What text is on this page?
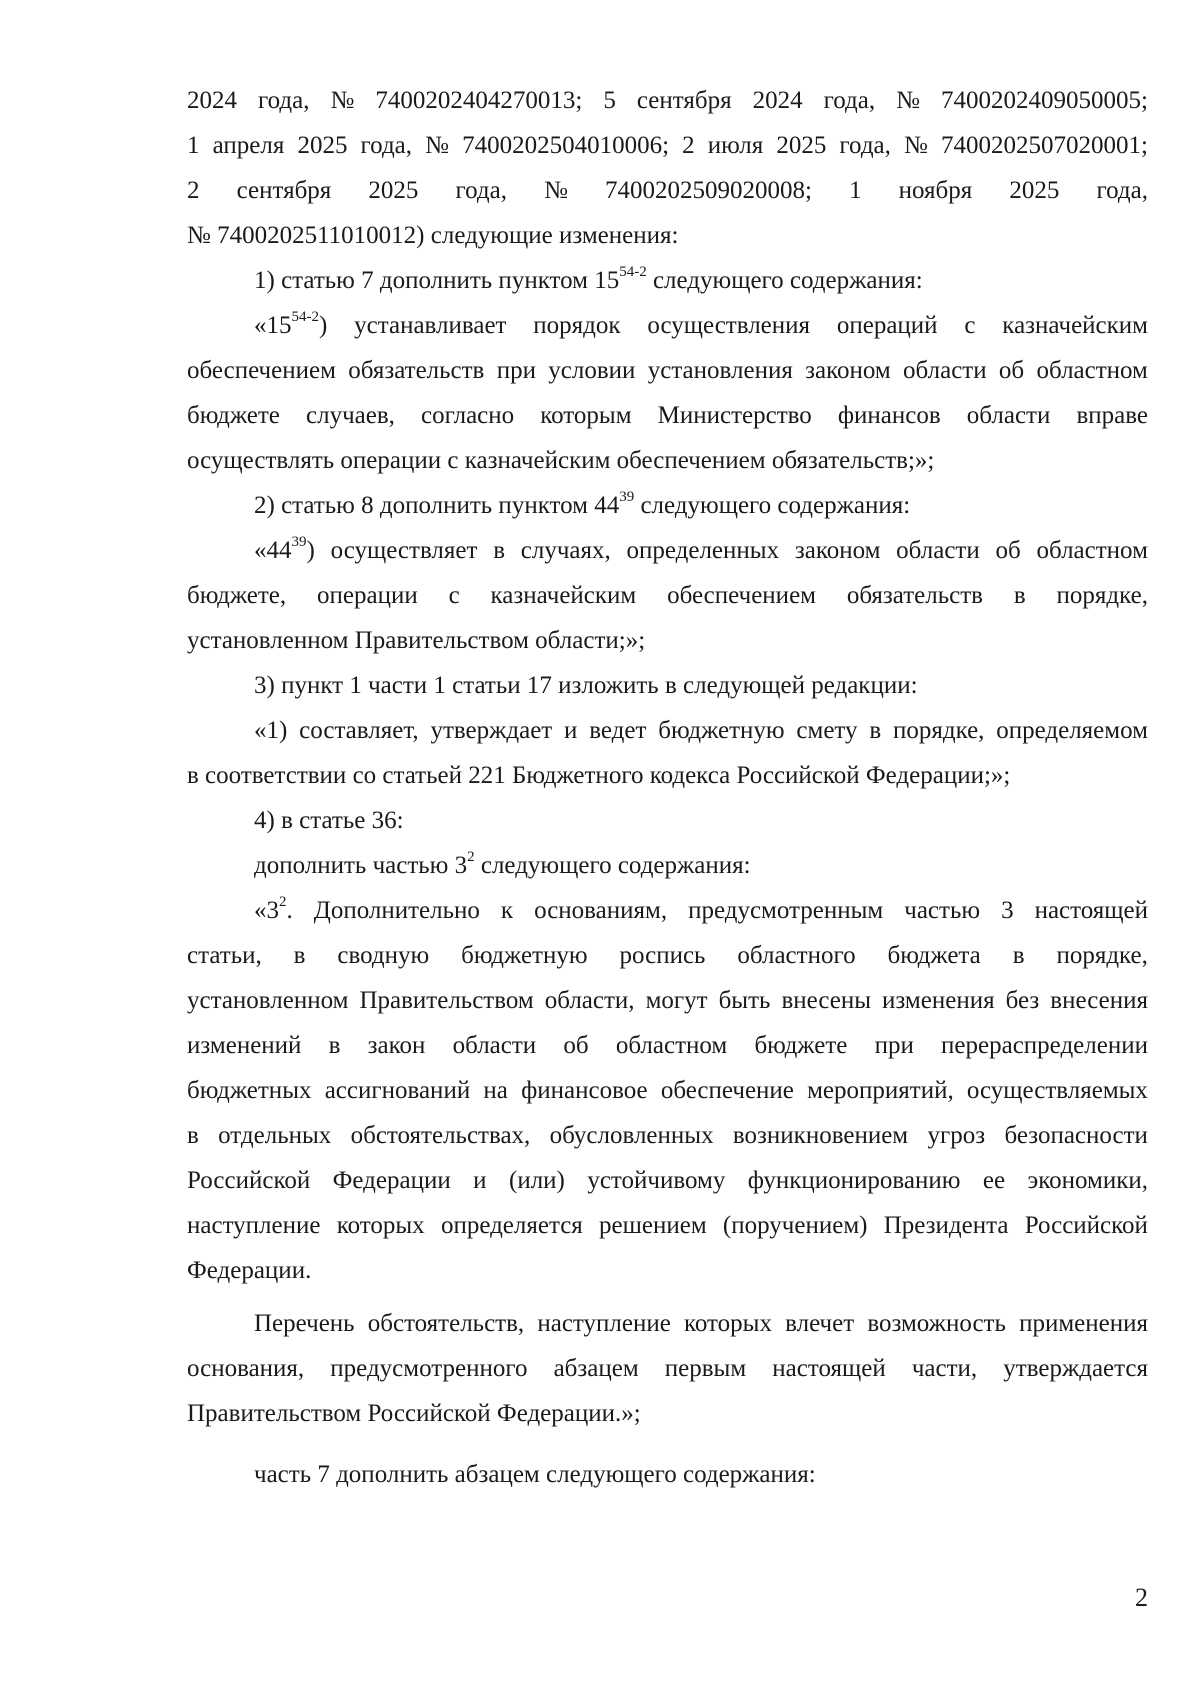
2024 года, № 7400202404270013; 5 сентября 2024 года, № 7400202409050005;
1 апреля 2025 года, № 7400202504010006; 2 июля 2025 года, № 7400202507020001;
2 сентября 2025 года, № 7400202509020008; 1 ноября 2025 года,
№ 7400202511010012) следующие изменения:
1) статью 7 дополнить пунктом 15$^{54-2}$ следующего содержания:
«15$^{54-2}$) устанавливает порядок осуществления операций с казначейским
обеспечением обязательств при условии установления законом области об областном
бюджете случаев, согласно которым Министерство финансов области вправе
осуществлять операции с казначейским обеспечением обязательств;»;
2) статью 8 дополнить пунктом $44^{39}$ следующего содержания:
«$44^{39}$) осуществляет в случаях, определенных законом области об областном
бюджете, операции с казначейским обеспечением обязательств в порядке,
установленном Правительством области;»;
3) пункт 1 части 1 статьи 17 изложить в следующей редакции:
«1) составляет, утверждает и ведет бюджетную смету в порядке, определяемом
в соответствии со статьей 221 Бюджетного кодекса Российской Федерации;»;
4) в статье 36:
дополнить частью $3^2$ следующего содержания:
«$3^2$. Дополнительно к основаниям, предусмотренным частью 3 настоящей
статьи, в сводную бюджетную роспись областного бюджета в порядке,
установленном Правительством области, могут быть внесены изменения без внесения
изменений в закон области об областном бюджете при перераспределении
бюджетных ассигнований на финансовое обеспечение мероприятий, осуществляемых
в отдельных обстоятельствах, обусловленных возникновением угроз безопасности
Российской Федерации и (или) устойчивому функционированию ее экономики,
наступление которых определяется решением (поручением) Президента Российской
Федерации.
Перечень обстоятельств, наступление которых влечет возможность применения
основания, предусмотренного абзацем первым настоящей части, утверждается
Правительством Российской Федерации.»;
часть 7 дополнить абзацем следующего содержания:
2
